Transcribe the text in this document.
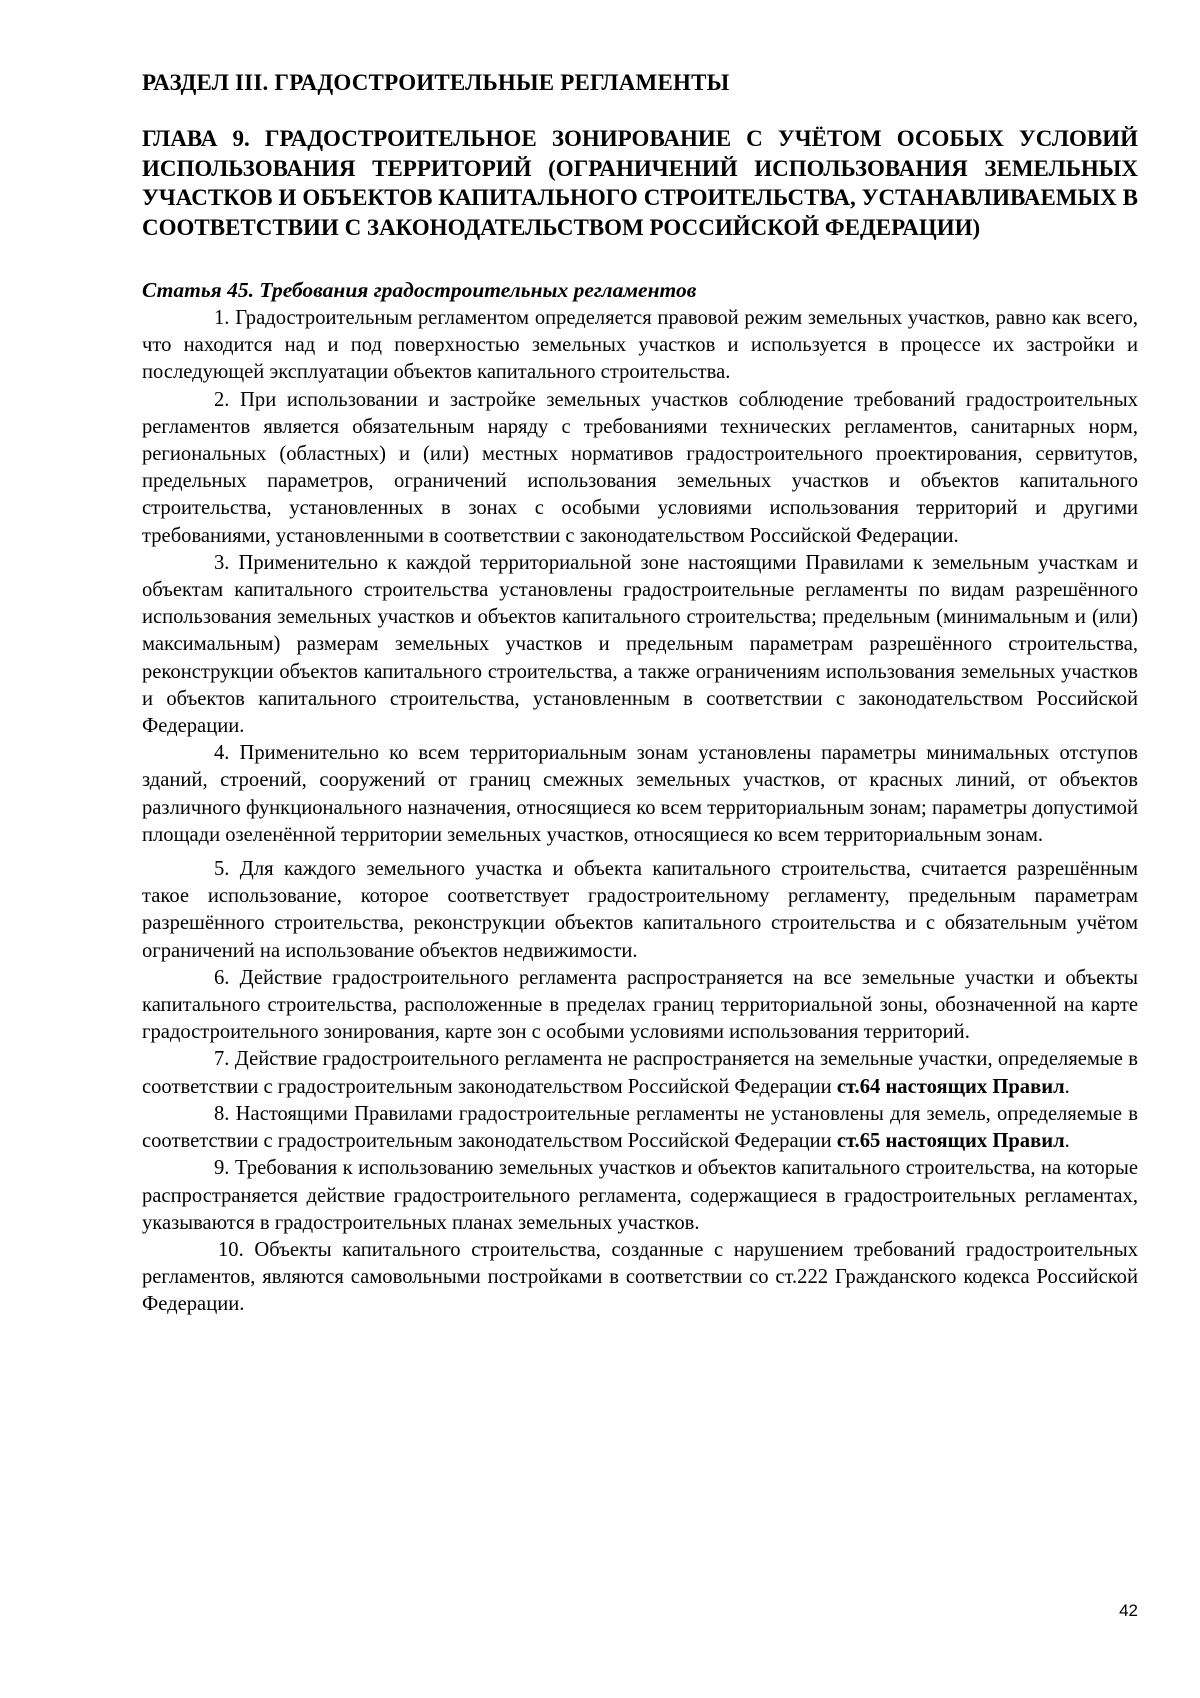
РАЗДЕЛ III. ГРАДОСТРОИТЕЛЬНЫЕ РЕГЛАМЕНТЫ
ГЛАВА 9. ГРАДОСТРОИТЕЛЬНОЕ ЗОНИРОВАНИЕ С УЧЁТОМ ОСОБЫХ УСЛОВИЙ ИСПОЛЬЗОВАНИЯ ТЕРРИТОРИЙ (ОГРАНИЧЕНИЙ ИСПОЛЬЗОВАНИЯ ЗЕМЕЛЬНЫХ УЧАСТКОВ И ОБЪЕКТОВ КАПИТАЛЬНОГО СТРОИТЕЛЬСТВА, УСТАНАВЛИВАЕМЫХ В СООТВЕТСТВИИ С ЗАКОНОДАТЕЛЬСТВОМ РОССИЙСКОЙ ФЕДЕРАЦИИ)
Статья 45. Требования градостроительных регламентов

1. Градостроительным регламентом определяется правовой режим земельных участков, равно как всего, что находится над и под поверхностью земельных участков и используется в процессе их застройки и последующей эксплуатации объектов капитального строительства.

2. При использовании и застройке земельных участков соблюдение требований градостроительных регламентов является обязательным наряду с требованиями технических регламентов, санитарных норм, региональных (областных) и (или) местных нормативов градостроительного проектирования, сервитутов, предельных параметров, ограничений использования земельных участков и объектов капитального строительства, установленных в зонах с особыми условиями использования территорий и другими требованиями, установленными в соответствии с законодательством Российской Федерации.

3. Применительно к каждой территориальной зоне настоящими Правилами к земельным участкам и объектам капитального строительства установлены градостроительные регламенты по видам разрешённого использования земельных участков и объектов капитального строительства; предельным (минимальным и (или) максимальным) размерам земельных участков и предельным параметрам разрешённого строительства, реконструкции объектов капитального строительства, а также ограничениям использования земельных участков и объектов капитального строительства, установленным в соответствии с законодательством Российской Федерации.

4. Применительно ко всем территориальным зонам установлены параметры минимальных отступов зданий, строений, сооружений от границ смежных земельных участков, от красных линий, от объектов различного функционального назначения, относящиеся ко всем территориальным зонам; параметры допустимой площади озеленённой территории земельных участков, относящиеся ко всем территориальным зонам.

5. Для каждого земельного участка и объекта капитального строительства, считается разрешённым такое использование, которое соответствует градостроительному регламенту, предельным параметрам разрешённого строительства, реконструкции объектов капитального строительства и с обязательным учётом ограничений на использование объектов недвижимости.

6. Действие градостроительного регламента распространяется на все земельные участки и объекты капитального строительства, расположенные в пределах границ территориальной зоны, обозначенной на карте градостроительного зонирования, карте зон с особыми условиями использования территорий.

7. Действие градостроительного регламента не распространяется на земельные участки, определяемые в соответствии с градостроительным законодательством Российской Федерации ст.64 настоящих Правил.

8. Настоящими Правилами градостроительные регламенты не установлены для земель, определяемые в соответствии с градостроительным законодательством Российской Федерации ст.65 настоящих Правил.

9. Требования к использованию земельных участков и объектов капитального строительства, на которые распространяется действие градостроительного регламента, содержащиеся в градостроительных регламентах, указываются в градостроительных планах земельных участков.

10. Объекты капитального строительства, созданные с нарушением требований градостроительных регламентов, являются самовольными постройками в соответствии со ст.222 Гражданского кодекса Российской Федерации.

42
